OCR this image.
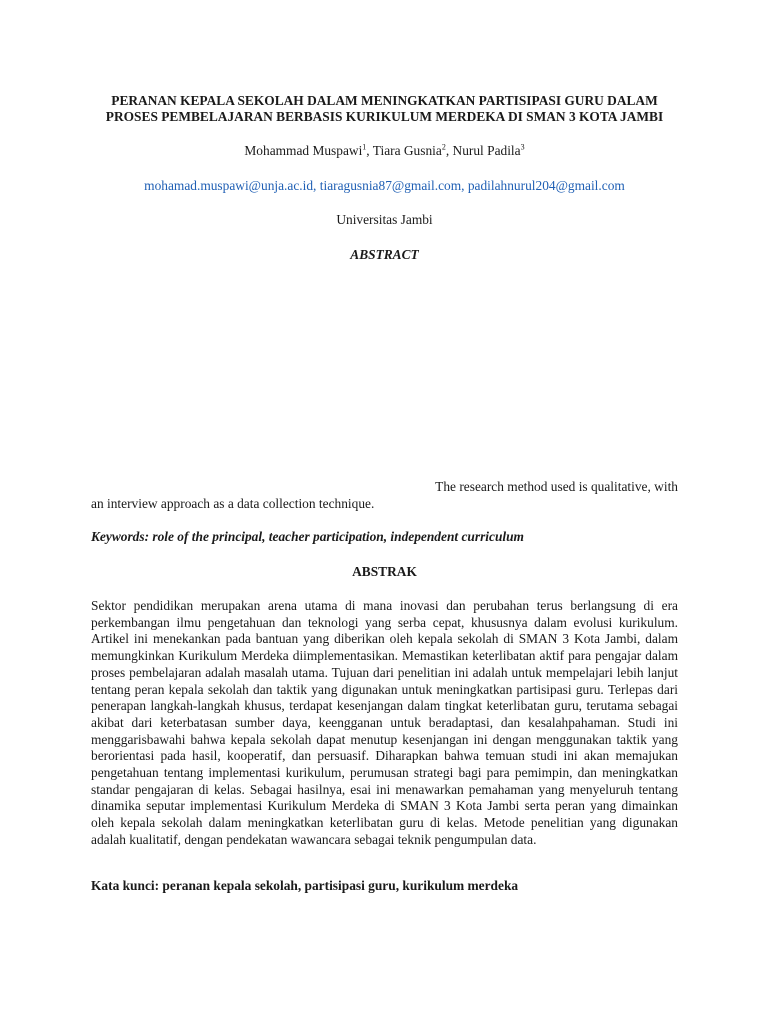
PERANAN KEPALA SEKOLAH DALAM MENINGKATKAN PARTISIPASI GURU DALAM PROSES PEMBELAJARAN BERBASIS KURIKULUM MERDEKA DI SMAN 3 KOTA JAMBI

Mohammad Muspawi$^1$, Tiara Gusnia$^2$, Nurul Padila$^3$

mohamad.muspawi@unja.ac.id, tiaragusnia87@gmail.com, padilahnurul204@gmail.com

Universitas Jambi

ABSTRACT

The research method used is qualitative, with
an interview approach as a data collection technique.

Keywords: role of the principal, teacher participation, independent curriculum

ABSTRAK

Sektor pendidikan merupakan arena utama di mana inovasi dan perubahan terus berlangsung di era perkembangan ilmu pengetahuan dan teknologi yang serba cepat, khususnya dalam evolusi kurikulum. Artikel ini menekankan pada bantuan yang diberikan oleh kepala sekolah di SMAN 3 Kota Jambi, dalam memungkinkan Kurikulum Merdeka diimplementasikan. Memastikan keterlibatan aktif para pengajar dalam proses pembelajaran adalah masalah utama. Tujuan dari penelitian ini adalah untuk mempelajari lebih lanjut tentang peran kepala sekolah dan taktik yang digunakan untuk meningkatkan partisipasi guru. Terlepas dari penerapan langkah-langkah khusus, terdapat kesenjangan dalam tingkat keterlibatan guru, terutama sebagai akibat dari keterbatasan sumber daya, keengganan untuk beradaptasi, dan kesalahpahaman. Studi ini menggarisbawahi bahwa kepala sekolah dapat menutup kesenjangan ini dengan menggunakan taktik yang berorientasi pada hasil, kooperatif, dan persuasif. Diharapkan bahwa temuan studi ini akan memajukan pengetahuan tentang implementasi kurikulum, perumusan strategi bagi para pemimpin, dan meningkatkan standar pengajaran di kelas. Sebagai hasilnya, esai ini menawarkan pemahaman yang menyeluruh tentang dinamika seputar implementasi Kurikulum Merdeka di SMAN 3 Kota Jambi serta peran yang dimainkan oleh kepala sekolah dalam meningkatkan keterlibatan guru di kelas. Metode penelitian yang digunakan adalah kualitatif, dengan pendekatan wawancara sebagai teknik pengumpulan data.

Kata kunci: peranan kepala sekolah, partisipasi guru, kurikulum merdeka
